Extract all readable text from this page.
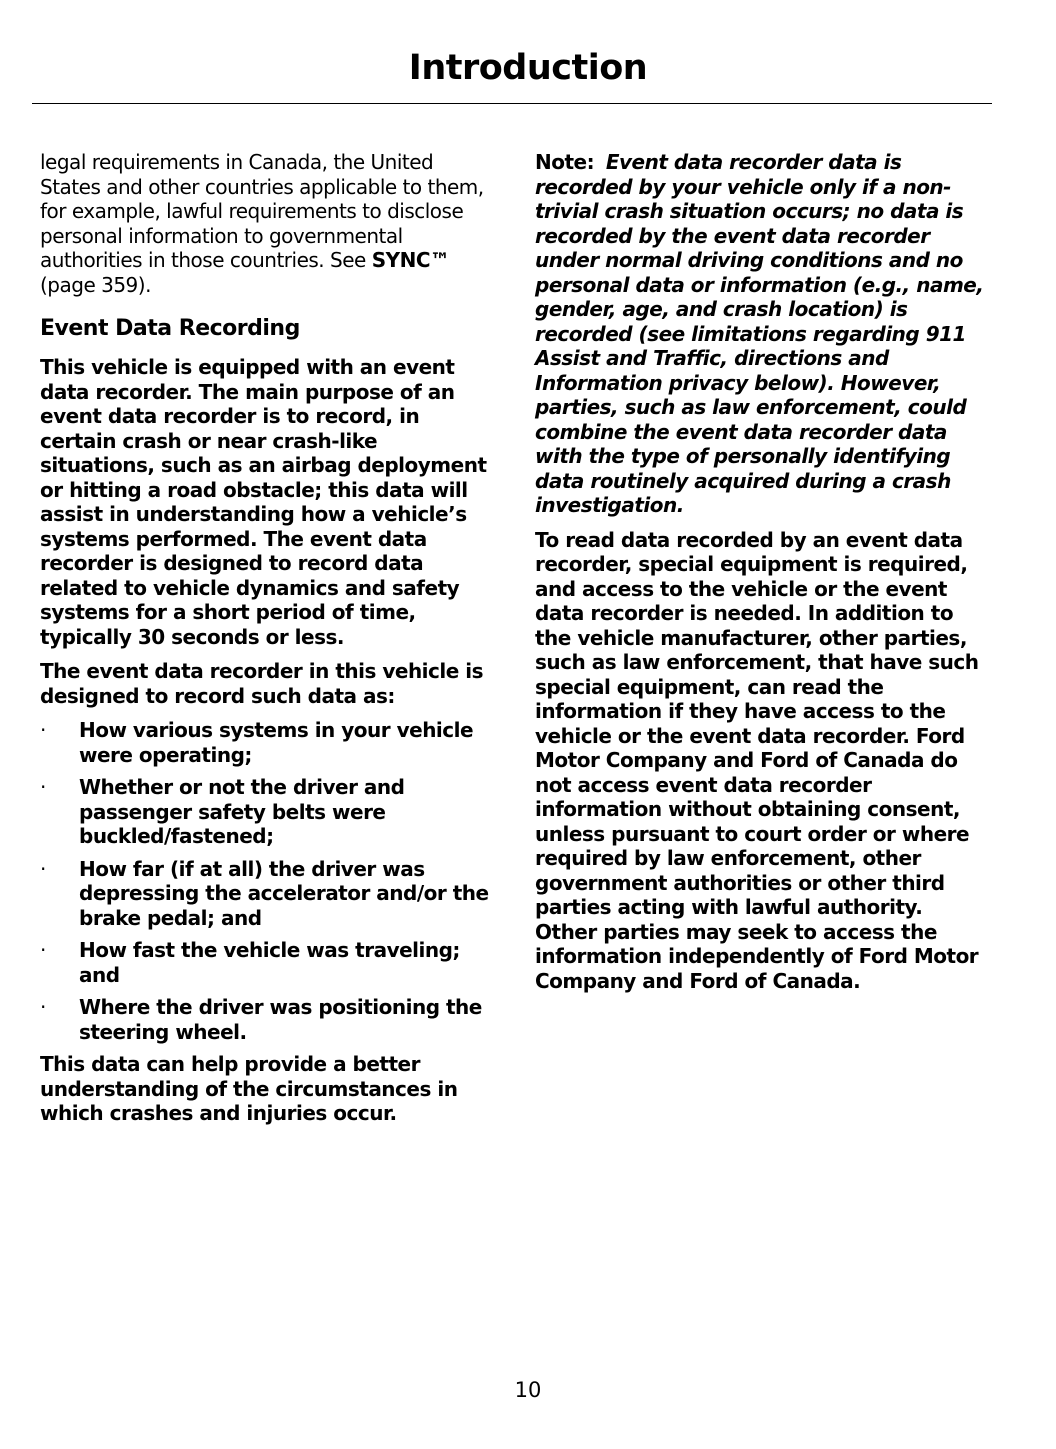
Introduction

legal requirements in Canada, the United States and other countries applicable to them, for example, lawful requirements to disclose personal information to governmental authorities in those countries. See SYNC™ (page 359).

Event Data Recording

This vehicle is equipped with an event data recorder. The main purpose of an event data recorder is to record, in certain crash or near crash-like situations, such as an airbag deployment or hitting a road obstacle; this data will assist in understanding how a vehicle’s systems performed. The event data recorder is designed to record data related to vehicle dynamics and safety systems for a short period of time, typically 30 seconds or less.

The event data recorder in this vehicle is designed to record such data as:

· How various systems in your vehicle were operating;
· Whether or not the driver and passenger safety belts were buckled/fastened;
· How far (if at all) the driver was depressing the accelerator and/or the brake pedal; and
· How fast the vehicle was traveling; and
· Where the driver was positioning the steering wheel.

This data can help provide a better understanding of the circumstances in which crashes and injuries occur.

Note: Event data recorder data is recorded by your vehicle only if a non-trivial crash situation occurs; no data is recorded by the event data recorder under normal driving conditions and no personal data or information (e.g., name, gender, age, and crash location) is recorded (see limitations regarding 911 Assist and Traffic, directions and Information privacy below). However, parties, such as law enforcement, could combine the event data recorder data with the type of personally identifying data routinely acquired during a crash investigation.

To read data recorded by an event data recorder, special equipment is required, and access to the vehicle or the event data recorder is needed. In addition to the vehicle manufacturer, other parties, such as law enforcement, that have such special equipment, can read the information if they have access to the vehicle or the event data recorder. Ford Motor Company and Ford of Canada do not access event data recorder information without obtaining consent, unless pursuant to court order or where required by law enforcement, other government authorities or other third parties acting with lawful authority. Other parties may seek to access the information independently of Ford Motor Company and Ford of Canada.

10
